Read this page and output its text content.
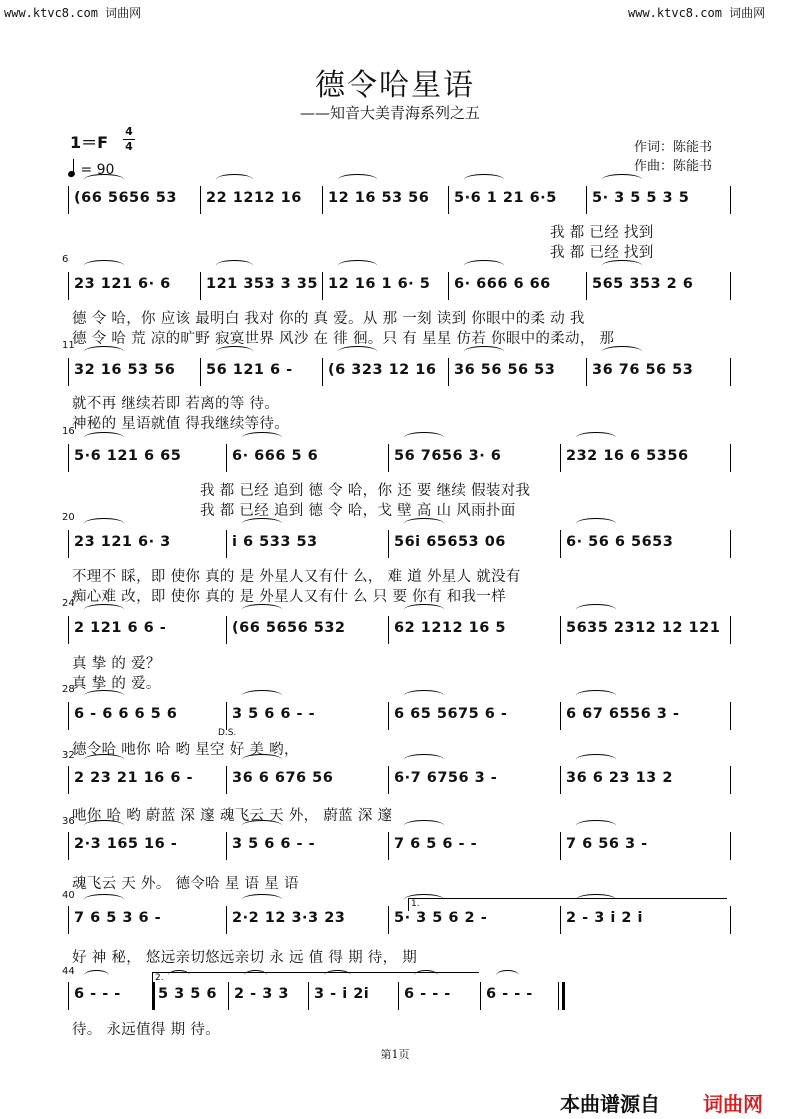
www.ktvc8.com 词曲网	www.ktvc8.com 词曲网
德令哈星语
——知音大美青海系列之五
1＝F
4
4
= 90
作词：陈能书
作曲：陈能书
(66 5656 53	22 1212 16	12 16 53 56	5·6 1 21 6·5	5· 3 5 5 3 5
我 都 已经 找到
我 都 已经 找到
23 121 6· 6	121 353 3 35 12 16 1 6· 5	6· 666 6 66	565 353 2 6
6
德 令 哈，你 应该 最明白 我对 你的 真 爱。从 那 一刻 读到 你眼中的柔 动 我
德 令 哈 荒 凉的旷野 寂寞世界 风沙 在 徘 徊。只 有 星星 仿若 你眼中的柔动， 那
32 16 53 56	56 121 6 -	(6 323 12 16	36 56 56 53	36 76 56 53
11
就不再 继续若即 若离的等 待。
神秘的 星语就值 得我继续等待。
5·6 121 6 65	6· 666 5 6	56 7656 3· 6	232 16 6 5356
16
我 都 已经 追到 德 令 哈，你 还 要 继续 假装对我
我 都 已经 追到 德 令 哈，戈 壁 高 山 风雨扑面
23 121 6· 3	i 6 533 53	56i 65653 06	6· 56 6 5653
20
不理不 睬，即 使你 真的 是 外星人又有什 么， 难 道 外星人 就没有
痴心难 改，即 使你 真的 是 外星人又有什 么 只 要 你有 和我一样
2 121 6 6 -	(66 5656 532	62 1212 16 5	5635 2312 12 121
24
真 挚 的 爱？
真 挚 的 爱。
6 - 6 6 6 5 6	3 5 6 6 - -	6 65 5675 6 -	6 67 6556 3 -
28
德令哈 吔你 哈 哟 星空 好 美 哟，
2 23 21 16 6 -	36 6 676 56	6·7 6756 3 -	36 6 23 13 2
32
吔你 哈 哟 蔚蓝 深 邃 魂飞云 天 外， 蔚蓝 深 邃
2·3 165 16 -	3 5 6 6 - -	7 6 5 6 - -	7 6 56 3 -
36
魂飞云 天 外。 德令哈 星 语 星 语
7 6 5 3 6 -	2·2 12 3·3 23	5· 3 5 6 2 -	2 - 3 i 2 i
40
好 神 秘， 悠远亲切悠远亲切 永 远 值 得 期 待， 期
6 - - -	5 3 5 6	2 - 3 3	3 - i 2i	6 - - -	6 - - -
44
待。 永远值得 期 待。
D.S.
1.
2.
第1页
本曲谱源自 词曲网
